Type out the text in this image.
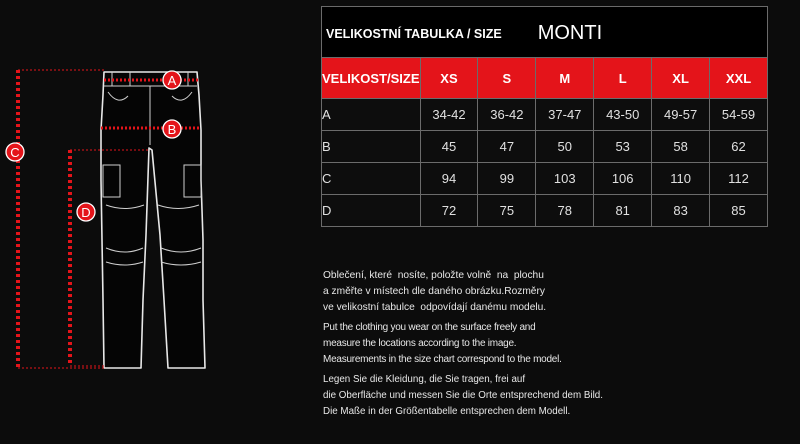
A
B
C
D
VELIKOSTNÍ TABULKA / SIZE MONTI						

VELIKOST/SIZE	XS	S	M	L	XL	XXL
A	34-42	36-42	37-47	43-50	49-57	54-59
B	45	47	50	53	58	62
C	94	99	103	106	110	112
D	72	75	78	81	83	85

Oblečení, které  nosíte, položte volně  na  plochu
a změřte v místech dle daného obrázku.Rozměry
ve velikostní tabulce  odpovídají danému modelu.

Put the clothing you wear on the surface freely and
measure the locations according to the image.
Measurements in the size chart correspond to the model.

Legen Sie die Kleidung, die Sie tragen, frei auf
die Oberfläche und messen Sie die Orte entsprechend dem Bild.
Die Maße in der Größentabelle entsprechen dem Modell.
